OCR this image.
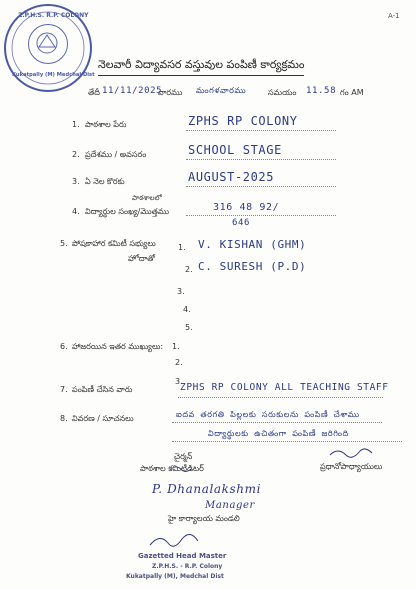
A-1
Z.P.H.S. R.P. COLONY
Kukatpally (M) Medchal Dist
నెలవారీ విద్యావసర వస్తువుల పంపిణీ కార్యక్రమం
తేదీ 11/11/2025
వారము మంగళవారము	సమయం 11.58 గం AM
1. పాఠశాల పేరు	ZPHS RP COLONY
2. ప్రదేశము / అవసరం	SCHOOL STAGE
3. ఏ నెల కొరకు	AUGUST-2025
పాఠశాలలో
4. విద్యార్థుల సంఖ్య/మొత్తము	316 48 92/
646
5. పోషకాహార కమిటీ సభ్యులు
హోదాతో
1. V. KISHAN (GHM)
2. C. SURESH (P.D)
3.
4.
5.
6. హాజరయిన ఇతర ముఖ్యులు: 1.
2.
3.
7. పంపిణీ చేసిన వారు	ZPHS RP COLONY ALL TEACHING STAFF
8. వివరణ / సూచనలు	ఐదవ తరగతి పిల్లలకు సరుకులను పంపిణీ చేశాము
విద్యార్థులకు ఉచితంగా పంపిణీ జరిగింది
చైర్మన్
పాఠశాల కమిటీడిటర్	ప్రధానోపాధ్యాయులు
P. Dhanalakshmi
Manager
హై కార్యాలయ మండలి
Gazetted Head Master
Z.P.H.S. - R.P. Colony
Kukatpally (M), Medchal Dist
